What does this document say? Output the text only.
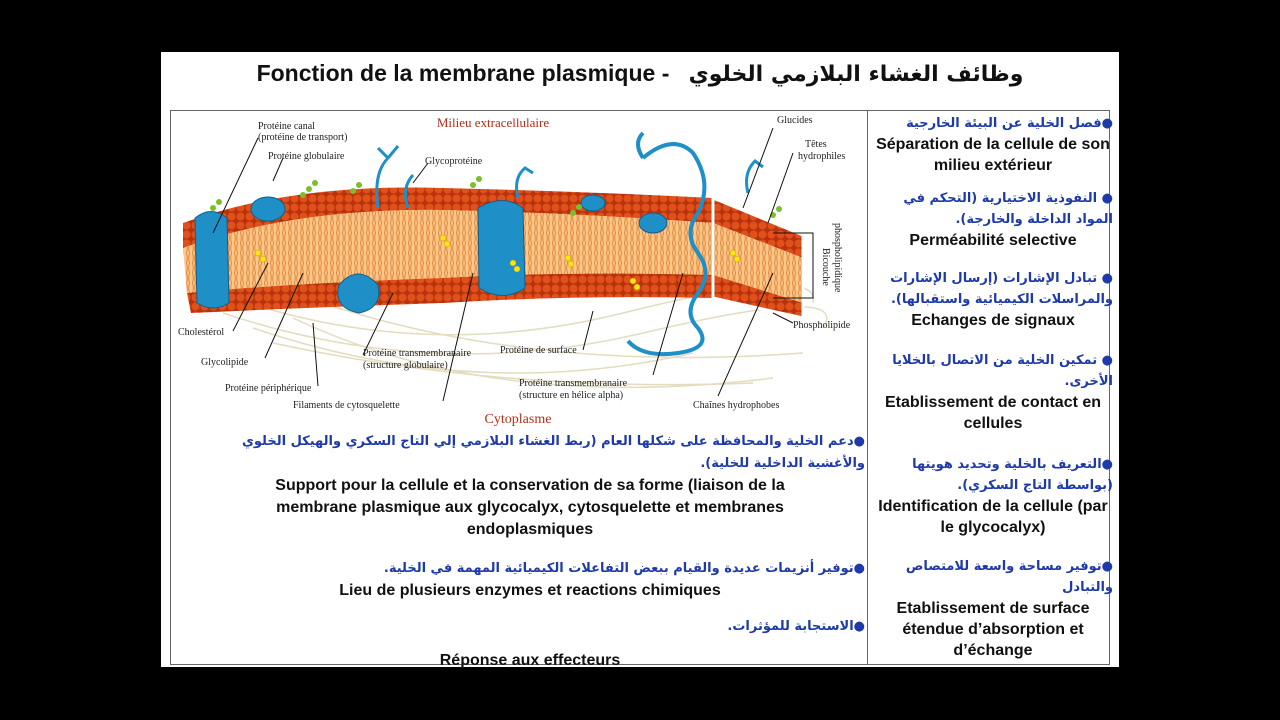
Fonction de la membrane plasmique - وظائف الغشاء البلازمي الخلوي
Milieu extracellulaire
Cytoplasme
Protéine canal
(protéine de transport)
Protéine globulaire	Glycoprotéine
Glucides
Têtes
hydrophiles
Bicouche phospholipidique
Phospholipide
Cholestérol
Glycolipide
Protéine périphérique
Filaments de cytosquelette
Protéine transmembranaire
(structure globulaire)
Protéine de surface
Protéine transmembranaire
(structure en hélice alpha)
Chaînes hydrophobes
●فصل الخلية عن البيئة الخارجية
Séparation de la cellule de son milieu extérieur
● النفوذية الاختيارية (التحكم في المواد الداخلة والخارجة).
Perméabilité selective
● تبادل الإشارات (إرسال الإشارات والمراسلات الكيميائية واستقبالها).
Echanges de signaux
● تمكين الخلية من الاتصال بالخلايا الأخرى.
Etablissement de contact en cellules
●التعريف بالخلية وتحديد هويتها (بواسطة التاج السكري).
Identification de la cellule (par le glycocalyx)
●توفير مساحة واسعة للامتصاص والتبادل
Etablissement de surface étendue d’absorption et d’échange
●دعم الخلية والمحافظة على شكلها العام (ربط الغشاء البلازمي إلي التاج السكري والهيكل الخلوي والأغشية الداخلية للخلية).
Support pour la cellule et la conservation de sa forme (liaison de la membrane plasmique aux glycocalyx, cytosquelette et membranes endoplasmiques
●توفير أنزيمات عديدة والقيام ببعض التفاعلات الكيميائية المهمة في الخلية.
Lieu de plusieurs enzymes et reactions chimiques
●الاستجابة للمؤثرات.
Réponse aux effecteurs
